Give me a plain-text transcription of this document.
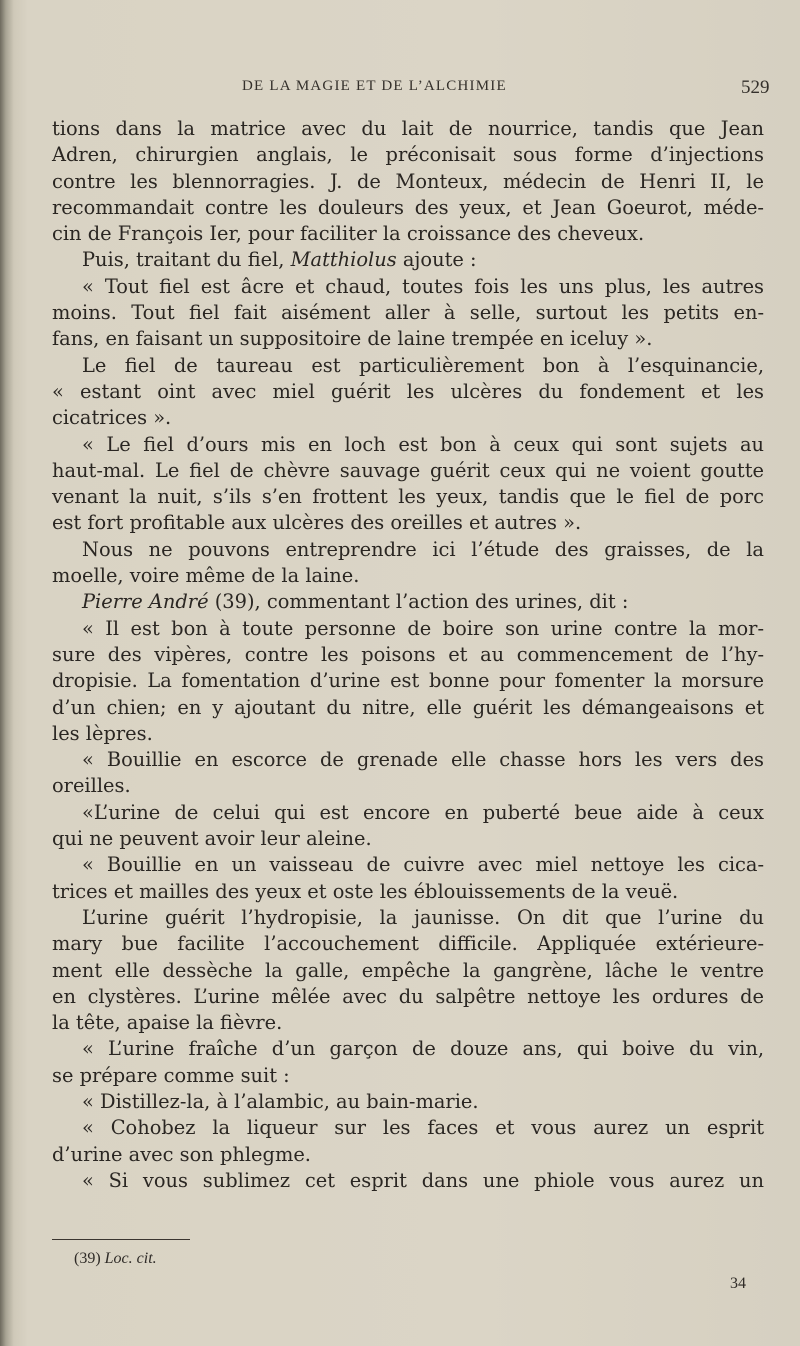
DE LA MAGIE ET DE L’ALCHIMIE	529
tions dans la matrice avec du lait de nourrice, tandis que Jean
Adren, chirurgien anglais, le préconisait sous forme d’injections
contre les blennorragies. J. de Monteux, médecin de Henri II, le
recommandait contre les douleurs des yeux, et Jean Goeurot, méde-
cin de François Ier, pour faciliter la croissance des cheveux.
Puis, traitant du fiel, Matthiolus ajoute :
« Tout fiel est âcre et chaud, toutes fois les uns plus, les autres
moins. Tout fiel fait aisément aller à selle, surtout les petits en-
fans, en faisant un suppositoire de laine trempée en iceluy ».
Le fiel de taureau est particulièrement bon à l’esquinancie,
« estant oint avec miel guérit les ulcères du fondement et les
cicatrices ».
« Le fiel d’ours mis en loch est bon à ceux qui sont sujets au
haut-mal. Le fiel de chèvre sauvage guérit ceux qui ne voient goutte
venant la nuit, s’ils s’en frottent les yeux, tandis que le fiel de porc
est fort profitable aux ulcères des oreilles et autres ».
Nous ne pouvons entreprendre ici l’étude des graisses, de la
moelle, voire même de la laine.
Pierre André (39), commentant l’action des urines, dit :
« Il est bon à toute personne de boire son urine contre la mor-
sure des vipères, contre les poisons et au commencement de l’hy-
dropisie. La fomentation d’urine est bonne pour fomenter la morsure
d’un chien; en y ajoutant du nitre, elle guérit les démangeaisons et
les lèpres.
« Bouillie en escorce de grenade elle chasse hors les vers des
oreilles.
«L’urine de celui qui est encore en puberté beue aide à ceux
qui ne peuvent avoir leur aleine.
« Bouillie en un vaisseau de cuivre avec miel nettoye les cica-
trices et mailles des yeux et oste les éblouissements de la veuë.
L’urine guérit l’hydropisie, la jaunisse. On dit que l’urine du
mary bue facilite l’accouchement difficile. Appliquée extérieure-
ment elle dessèche la galle, empêche la gangrène, lâche le ventre
en clystères. L’urine mêlée avec du salpêtre nettoye les ordures de
la tête, apaise la fièvre.
« L’urine fraîche d’un garçon de douze ans, qui boive du vin,
se prépare comme suit :
« Distillez-la, à l’alambic, au bain-marie.
« Cohobez la liqueur sur les faces et vous aurez un esprit
d’urine avec son phlegme.
« Si vous sublimez cet esprit dans une phiole vous aurez un
(39) Loc. cit.
34
